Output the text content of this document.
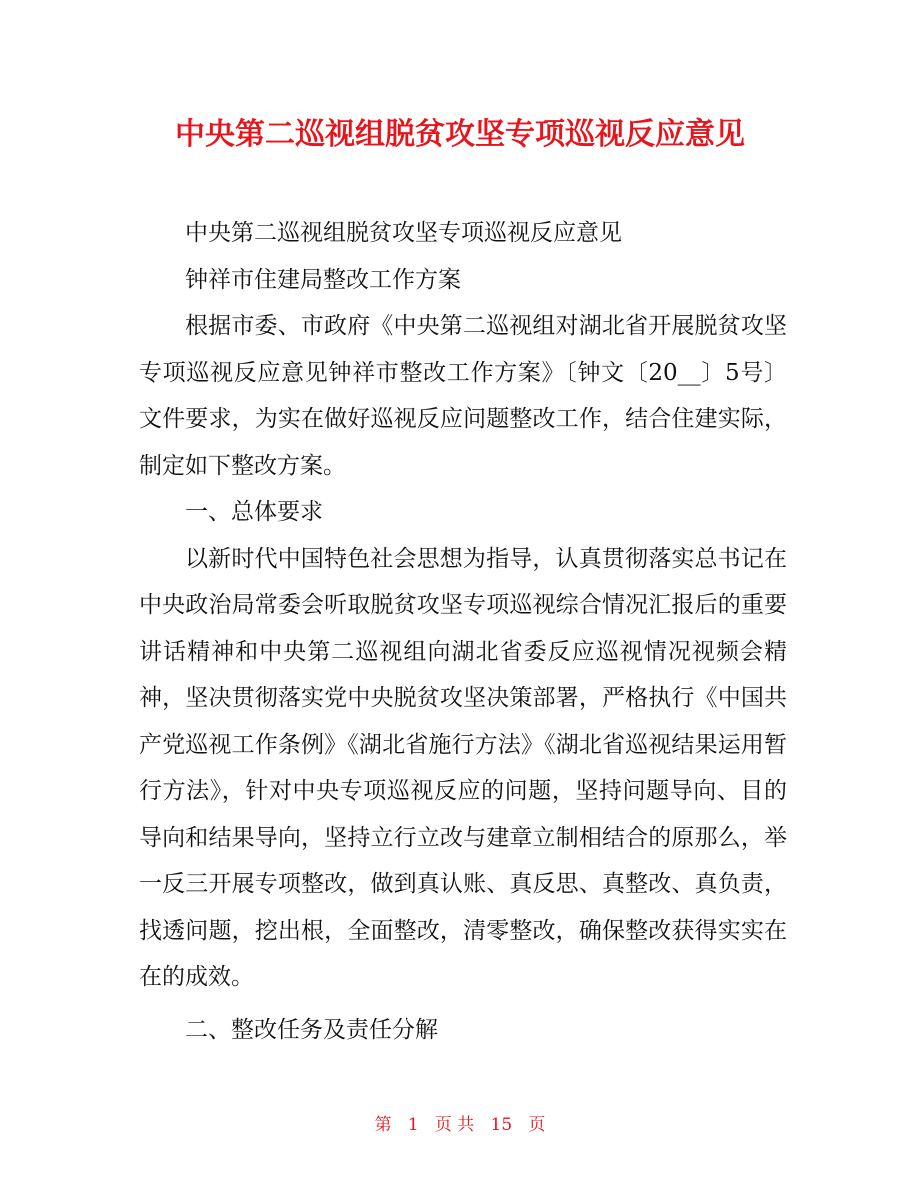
中央第二巡视组脱贫攻坚专项巡视反应意见

中央第二巡视组脱贫攻坚专项巡视反应意见

钟祥市住建局整改工作方案

根据市委、市政府《中央第二巡视组对湖北省开展脱贫攻坚专项巡视反应意见钟祥市整改工作方案》〔钟文〔20__〕5号〕文件要求，为实在做好巡视反应问题整改工作，结合住建实际，制定如下整改方案。

一、总体要求

以新时代中国特色社会思想为指导，认真贯彻落实总书记在中央政治局常委会听取脱贫攻坚专项巡视综合情况汇报后的重要讲话精神和中央第二巡视组向湖北省委反应巡视情况视频会精神，坚决贯彻落实党中央脱贫攻坚决策部署，严格执行《中国共产党巡视工作条例》《湖北省施行方法》《湖北省巡视结果运用暂行方法》，针对中央专项巡视反应的问题，坚持问题导向、目的导向和结果导向，坚持立行立改与建章立制相结合的原那么，举一反三开展专项整改，做到真认账、真反思、真整改、真负责，找透问题，挖出根，全面整改，清零整改，确保整改获得实实在在的成效。

二、整改任务及责任分解

第 1 页 共 15 页
